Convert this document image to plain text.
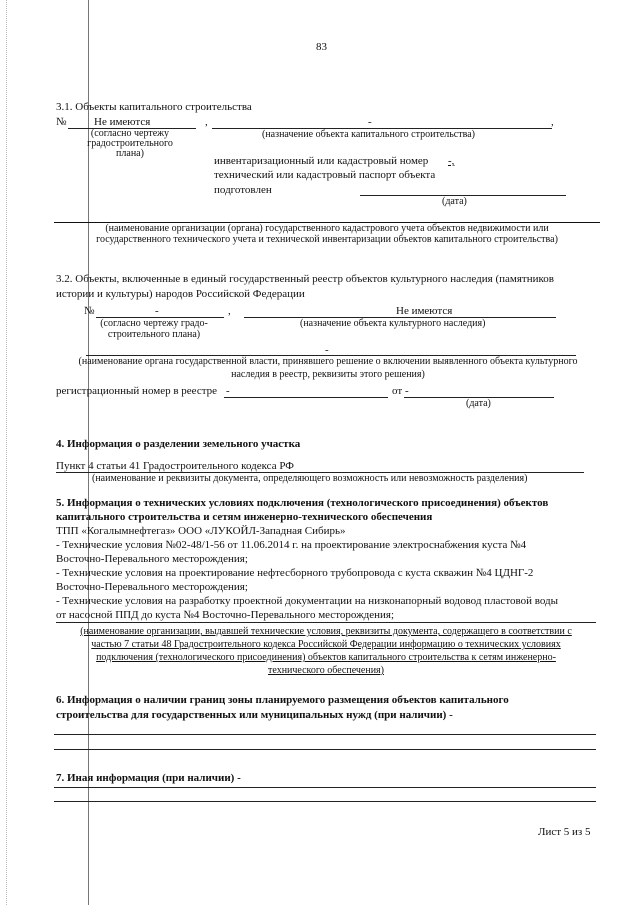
83
3.1. Объекты капитального строительства
№	Не имеются	,	-	,
(согласно чертежу
градостроительного
плана)
(назначение объекта капитального строительства)
инвентаризационный или кадастровый номер -,
технический или кадастровый паспорт объекта
подготовлен
(дата)
(наименование организации (органа) государственного кадастрового учета объектов недвижимости или
государственного технического учета и технической инвентаризации объектов капитального строительства)
3.2. Объекты, включенные в единый государственный реестр объектов культурного наследия (памятников
истории и культуры) народов Российской Федерации
№	-	,	Не имеются
(согласно чертежу градо-
строительного плана)
(назначение объекта культурного наследия)
-
(наименование органа государственной власти, принявшего решение о включении выявленного объекта культурного
наследия в реестр, реквизиты этого решения)
регистрационный номер в реестре -	от -
(дата)
4. Информация о разделении земельного участка
Пункт 4 статьи 41 Градостроительного кодекса РФ
(наименование и реквизиты документа, определяющего возможность или невозможность разделения)
5. Информация о технических условиях подключения (технологического присоединения) объектов
капитального строительства и сетям инженерно-технического обеспечения
ТПП «Когалымнефтегаз» ООО «ЛУКОЙЛ-Западная Сибирь»
- Технические условия №02-48/1-56 от 11.06.2014 г. на проектирование электроснабжения куста №4
Восточно-Перевального месторождения;
- Технические условия на проектирование нефтесборного трубопровода с куста скважин №4 ЦДНГ-2
Восточно-Перевального месторождения;
- Технические условия на разработку проектной документации на низконапорный водовод пластовой воды
от насосной ППД до куста №4 Восточно-Перевального месторождения;
(наименование организации, выдавшей технические условия, реквизиты документа, содержащего в соответствии с
частью 7 статьи 48 Градостроительного кодекса Российской Федерации информацию о технических условиях
подключения (технологического присоединения) объектов капитального строительства к сетям инженерно-
технического обеспечения)
6. Информация о наличии границ зоны планируемого размещения объектов капитального
строительства для государственных или муниципальных нужд (при наличии) -
7. Иная информация (при наличии) -
Лист 5 из 5
